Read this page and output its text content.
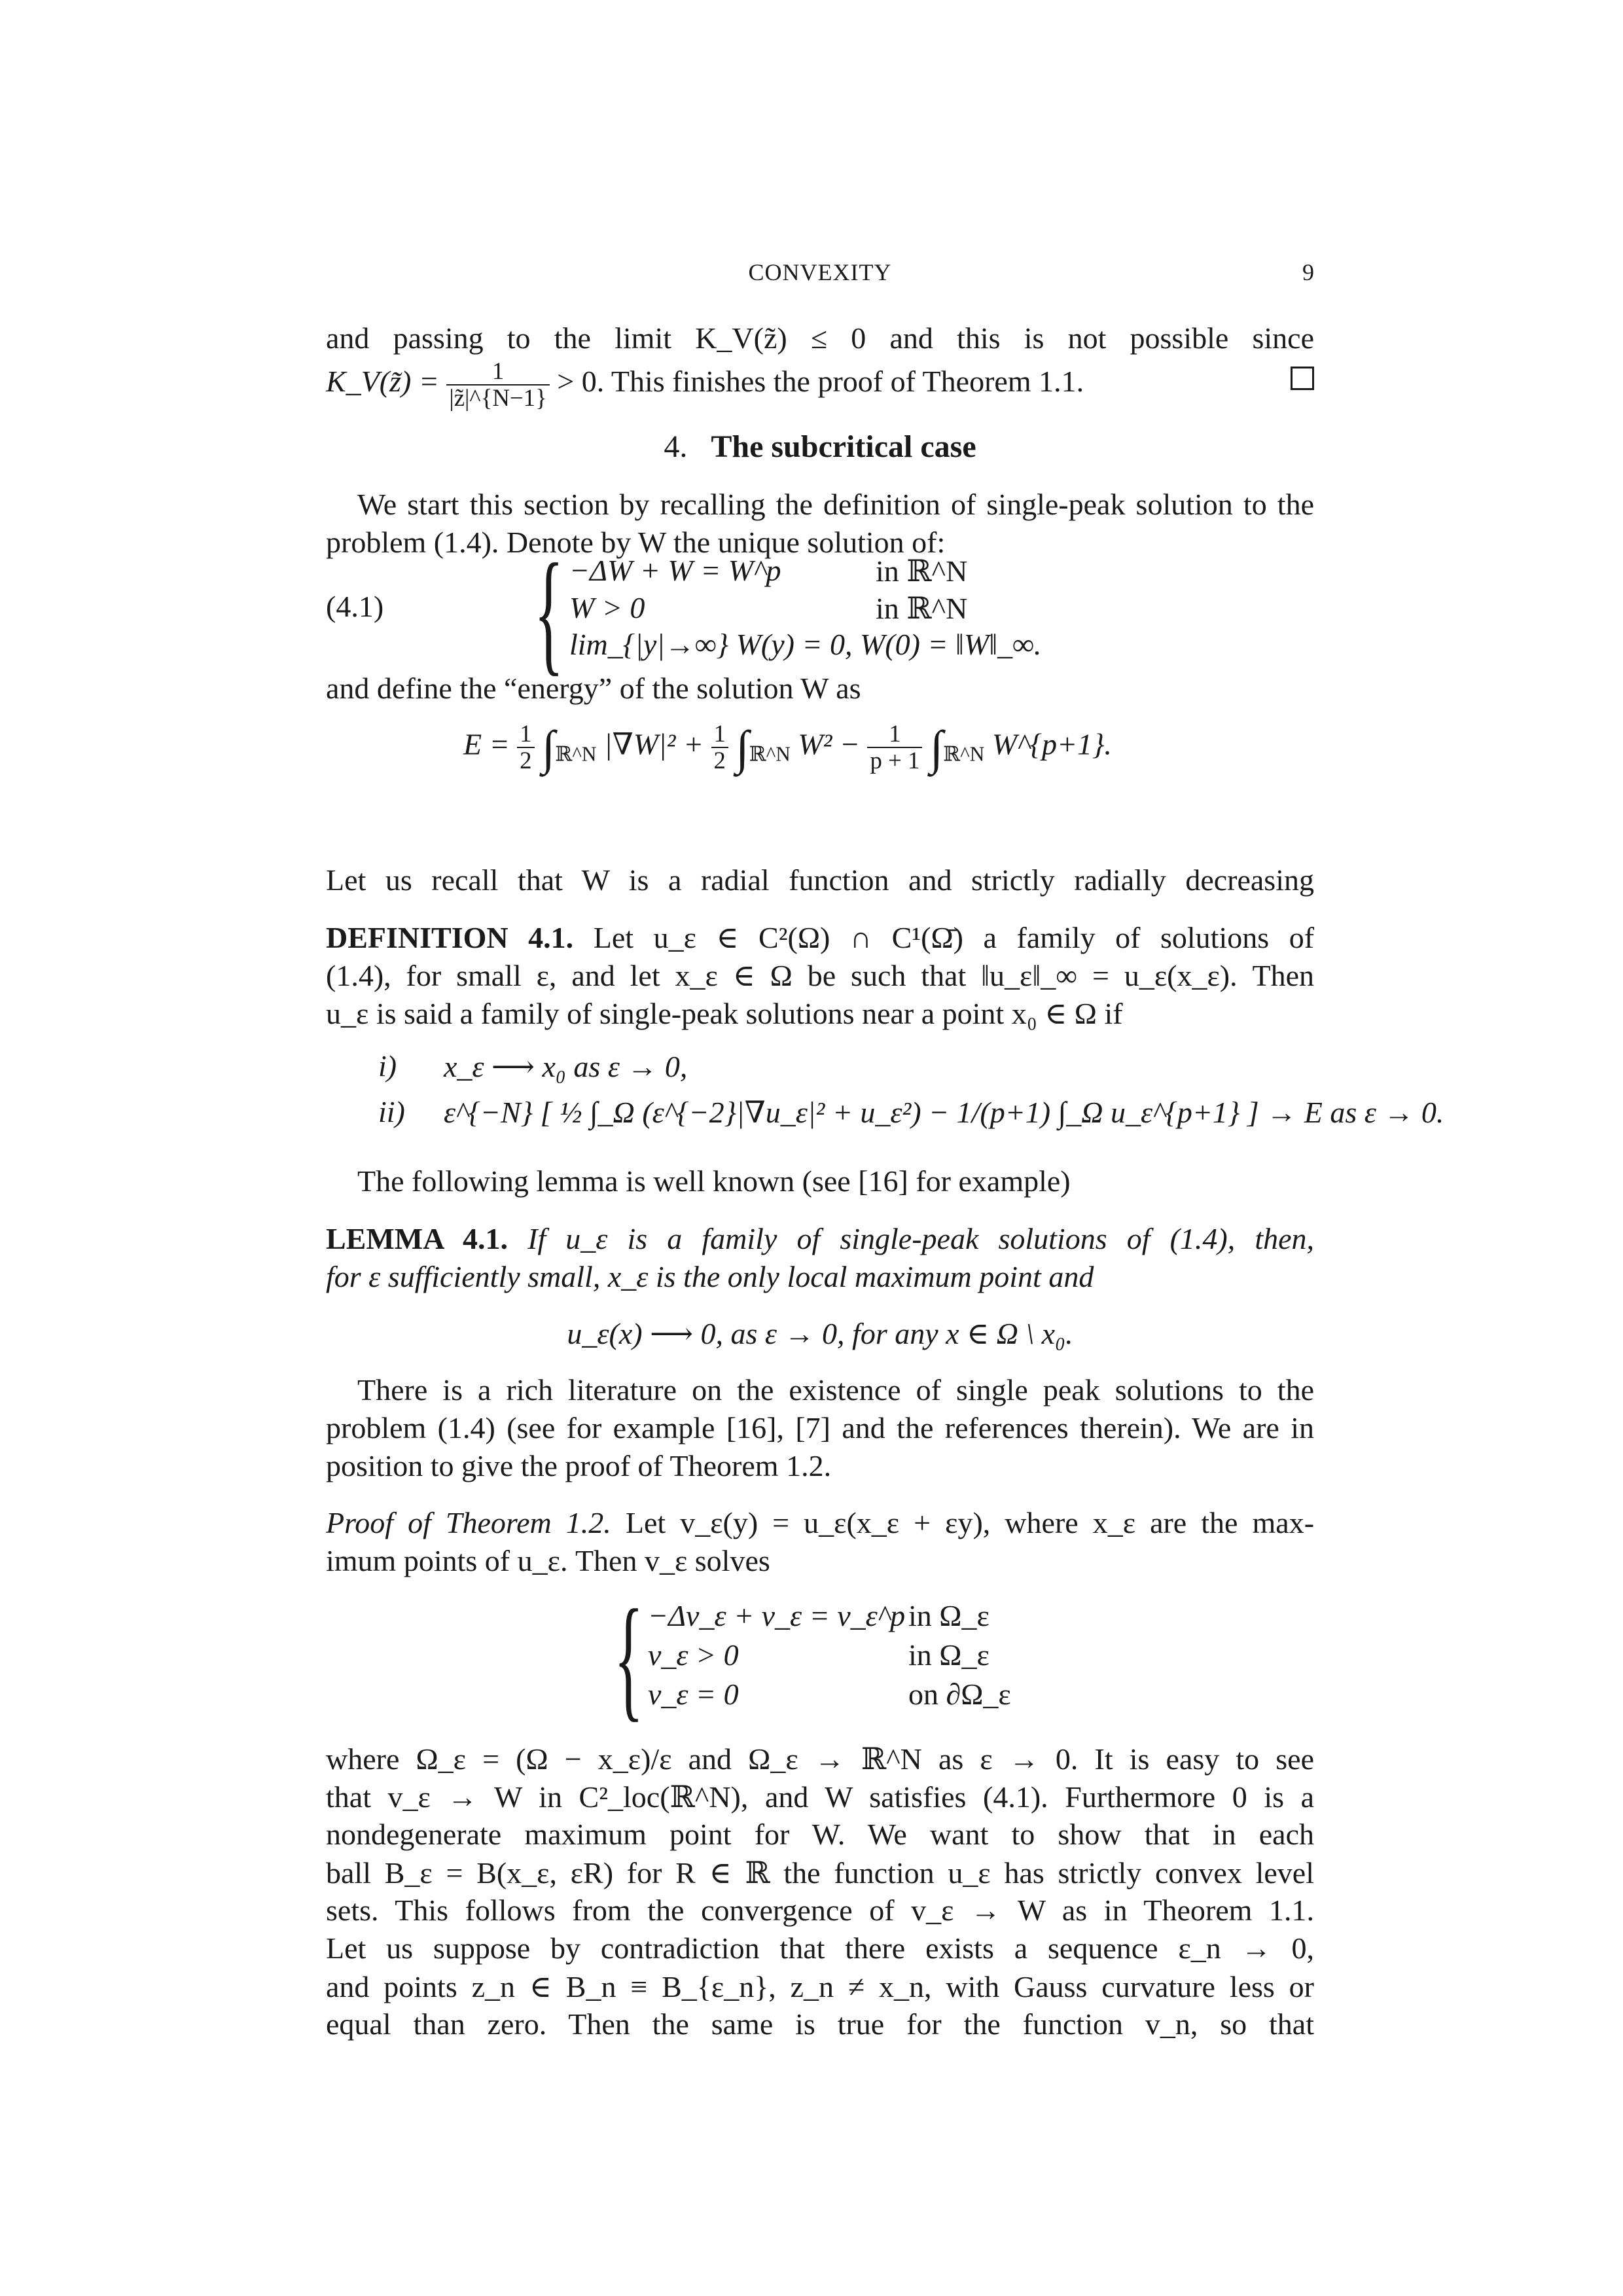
CONVEXITY	9
and passing to the limit K_V(z̃) ≤ 0 and this is not possible since
K_V(z̃) = $\frac{1}{|z̃|\^{}\{N-1\}} > 0$. This finishes the proof of Theorem 1.1.
4. The subcritical case
We start this section by recalling the definition of single-peak solution to the problem (1.4). Denote by W the unique solution of:
(4.1) { −ΔW + W = W^p	in ℝ^N
W > 0	in ℝ^N
lim_{|y|→∞} W(y) = 0, W(0) = ‖W‖_∞.
and define the “energy” of the solution W as
$E = \frac{1}{2} \int_{ℝ\^{}N}$ $|\nabla W|^2 + \frac{1}{2} \int_{ℝ\^{}N}$ $W^2 - \frac{1}{p + 1} \int_{ℝ\^{}N}$ W^{p+1}.
Let us recall that W is a radial function and strictly radially decreasing
DEFINITION 4.1. Let u_ε ∈ C²(Ω) ∩ C¹(Ω̄) a family of solutions of
(1.4), for small ε, and let x_ε ∈ Ω be such that ‖u_ε‖_∞ = u_ε(x_ε). Then
u_ε is said a family of single-peak solutions near a point x₀ ∈ Ω if
i) x_ε ⟶ x₀ as ε → 0,
ii) ε^{−N} [ ½ ∫_Ω (ε^{−2}|∇u_ε|² + u_ε²) − 1/(p+1) ∫_Ω u_ε^{p+1} ] → E as ε → 0.
The following lemma is well known (see [16] for example)
LEMMA 4.1. If u_ε is a family of single-peak solutions of (1.4), then,
for ε sufficiently small, x_ε is the only local maximum point and
u_ε(x) ⟶ 0, as ε → 0, for any x ∈ Ω \ x₀.
There is a rich literature on the existence of single peak solutions to the problem (1.4) (see for example [16], [7] and the references therein). We are in position to give the proof of Theorem 1.2.
Proof of Theorem 1.2. Let v_ε(y) = u_ε(x_ε + εy), where x_ε are the max-
imum points of u_ε. Then v_ε solves
{ −Δv_ε + v_ε = v_ε^p in Ω_ε
v_ε > 0	in Ω_ε
v_ε = 0	on ∂Ω_ε
where Ω_ε = (Ω − x_ε)/ε and Ω_ε → ℝ^N as ε → 0. It is easy to see
that v_ε → W in C²_loc(ℝ^N), and W satisfies (4.1). Furthermore 0 is a
nondegenerate maximum point for W. We want to show that in each
ball B_ε = B(x_ε, εR) for R ∈ ℝ the function u_ε has strictly convex level
sets. This follows from the convergence of v_ε → W as in Theorem 1.1.
Let us suppose by contradiction that there exists a sequence ε_n → 0,
and points z_n ∈ B_n ≡ B_{ε_n}, z_n ≠ x_n, with Gauss curvature less or
equal than zero. Then the same is true for the function v_n, so that
